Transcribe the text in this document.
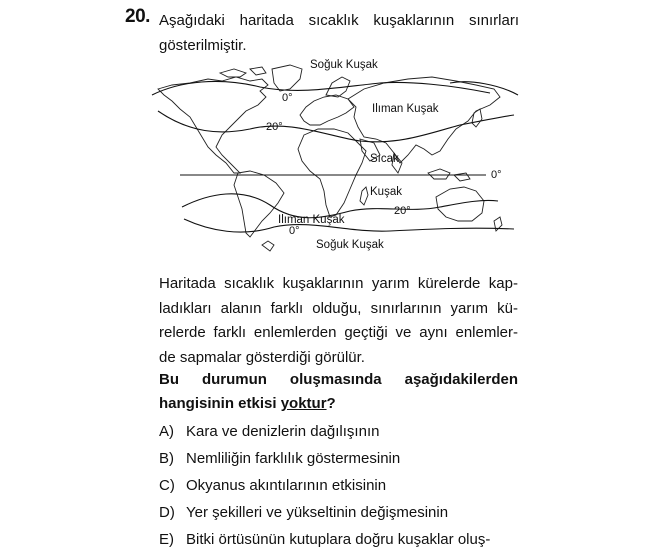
20. Aşağıdaki haritada sıcaklık kuşaklarının sınırları
gösterilmiştir.
Soğuk Kuşak
0°
Ilıman Kuşak
20°
Sıcak
0°
Kuşak
20°
Ilıman Kuşak
0°
Soğuk Kuşak
Haritada sıcaklık kuşaklarının yarım kürelerde kap-
ladıkları alanın farklı olduğu, sınırlarının yarım kü-
relerde farklı enlemlerden geçtiği ve aynı enlemler-
de sapmalar gösterdiği görülür.
Bu durumun oluşmasında aşağıdakilerden
hangisinin etkisi yoktur?
A) Kara ve denizlerin dağılışının
B) Nemliliğin farklılık göstermesinin
C) Okyanus akıntılarının etkisinin
D) Yer şekilleri ve yükseltinin değişmesinin
E) Bitki örtüsünün kutuplara doğru kuşaklar oluş-
